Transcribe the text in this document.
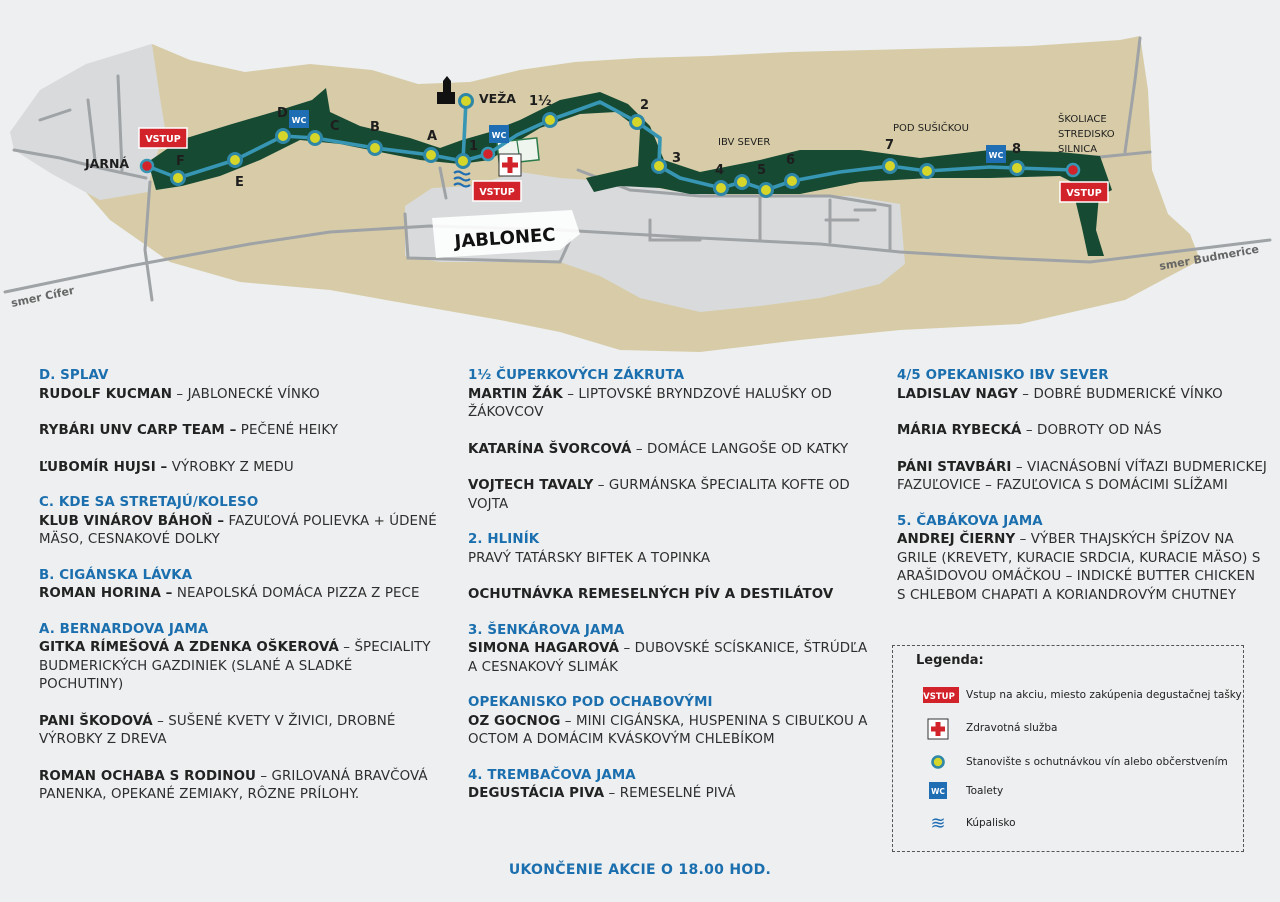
WC
WC
WC
VSTUP
VSTUP	VSTUP
JABLONEC
F
E
D
C B
A
1
1½	2
3
4	5
6
7	8
JARNÁ
VEŽA
IBV SEVER
POD SUŠIČKOU
ŠKOLIACE
STREDISKO
SILNICA
smer Cífer
smer Budmerice
D. SPLAV
RUDOLF KUCMAN – JABLONECKÉ VÍNKO
RYBÁRI UNV CARP TEAM – PEČENÉ HEIKY
ĽUBOMÍR HUJSI – VÝROBKY Z MEDU
C. KDE SA STRETAJÚ/KOLESO
KLUB VINÁROV BÁHOŇ – FAZUĽOVÁ POLIEVKA + ÚDENÉ MÄSO, CESNAKOVÉ DOLKY
B. CIGÁNSKA LÁVKA
ROMAN HORINA – NEAPOLSKÁ DOMÁCA PIZZA Z PECE
A. BERNARDOVA JAMA
GITKA RÍMEŠOVÁ A ZDENKA OŠKEROVÁ – ŠPECIALITY BUDMERICKÝCH GAZDINIEK (SLANÉ A SLADKÉ POCHUTINY)
PANI ŠKODOVÁ – SUŠENÉ KVETY V ŽIVICI, DROBNÉ VÝROBKY Z DREVA
ROMAN OCHABA S RODINOU – GRILOVANÁ BRAVČOVÁ PANENKA, OPEKANÉ ZEMIAKY, RÔZNE PRÍLOHY.
1½ ČUPERKOVÝCH ZÁKRUTA
MARTIN ŽÁK – LIPTOVSKÉ BRYNDZOVÉ HALUŠKY OD ŽÁKOVCOV
KATARÍNA ŠVORCOVÁ – DOMÁCE LANGOŠE OD KATKY
VOJTECH TAVALY – GURMÁNSKA ŠPECIALITA KOFTE OD VOJTA
2. HLINÍK
PRAVÝ TATÁRSKY BIFTEK A TOPINKA
OCHUTNÁVKA REMESELNÝCH PÍV A DESTILÁTOV
3. ŠENKÁROVA JAMA
SIMONA HAGAROVÁ – DUBOVSKÉ SCÍSKANICE, ŠTRÚDĽA A CESNAKOVÝ SLIMÁK
OPEKANISKO POD OCHABOVÝMI
OZ GOCNOG – MINI CIGÁNSKA, HUSPENINA S CIBUĽKOU A OCTOM A DOMÁCIM KVÁSKOVÝM CHLEBÍKOM
4. TREMBAČOVA JAMA
DEGUSTÁCIA PIVA – REMESELNÉ PIVÁ
4/5 OPEKANISKO IBV SEVER
LADISLAV NAGY – DOBRÉ BUDMERICKÉ VÍNKO
MÁRIA RYBECKÁ – DOBROTY OD NÁS
PÁNI STAVBÁRI – VIACNÁSOBNÍ VÍŤAZI BUDMERICKEJ FAZUĽOVICE – FAZUĽOVICA S DOMÁCIMI SLÍŽAMI
5. ČABÁKOVA JAMA
ANDREJ ČIERNY – VÝBER THAJSKÝCH ŠPÍZOV NA GRILE (KREVETY, KURACIE SRDCIA, KURACIE MÄSO) S ARAŠIDOVOU OMÁČKOU – INDICKÉ BUTTER CHICKEN S CHLEBOM CHAPATI A KORIANDROVÝM CHUTNEY
Legenda:
VSTUP Vstup na akciu, miesto zakúpenia degustačnej tašky
Zdravotná služba
Stanovište s ochutnávkou vín alebo občerstvením
WC Toalety
≋ Kúpalisko
UKONČENIE AKCIE O 18.00 HOD.
